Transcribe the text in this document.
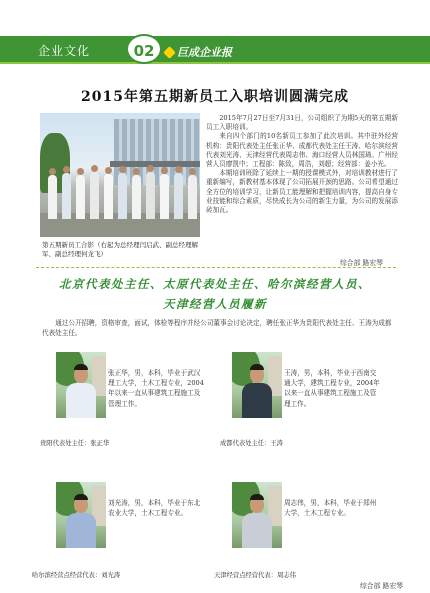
企业文化	02	巨成企业报
2015年第五期新员工入职培训圆满完成
第五期新员工合影（右起为总经理闫启武、副总经理解军、副总经理何龙飞）

2015年7月27日至7月31日，公司组织了为期5天的第五期新员工入职培训。

来自四个部门的10名新员工参加了此次培训。其中驻外经营机构：贵阳代表处主任张正华、成都代表处主任王涛、哈尔滨经营代表刘光涛、天津经营代表周志伟、海口经营人员林国琦。广州经营人员廖凯中；工程部：陈致，周浩，刘超；经营部：姜小光。

本期培训班除了延续上一期的授课模式外，对培训教材进行了重新编写，新教材基本体现了公司拓展开颈的思路。公司希望通过全方位的培训学习，让新员工能理解和把握培训内容，提高自身专业技能和综合素质，尽快成长为公司的新生力量，为公司的发展添砖加瓦。

综合部 路宏琴
北京代表处主任、太原代表处主任、哈尔滨经营人员、
天津经营人员履新
通过公开招聘，资格审查，面试，体检等程序并经公司董事会讨论决定，聘任张正华为贵阳代表处主任、王涛为成都代表处主任。
张正华，男，本科，毕业于武汉理工大学，土木工程专业，2004年以来一直从事建筑工程施工及管理工作。
贵阳代表处主任：张正华
王涛，男，本科，毕业于西南交通大学，建筑工程专业，2004年以来一直从事建筑工程施工及管理工作。
成都代表处主任：王涛
刘光涛，男，本科，毕业于东北农业大学，土木工程专业。
哈尔滨经营点经营代表：刘光涛
周志伟，男，本科，毕业于郑州大学，土木工程专业。
天津经营点经营代表：周志伟
综合部 路宏琴
